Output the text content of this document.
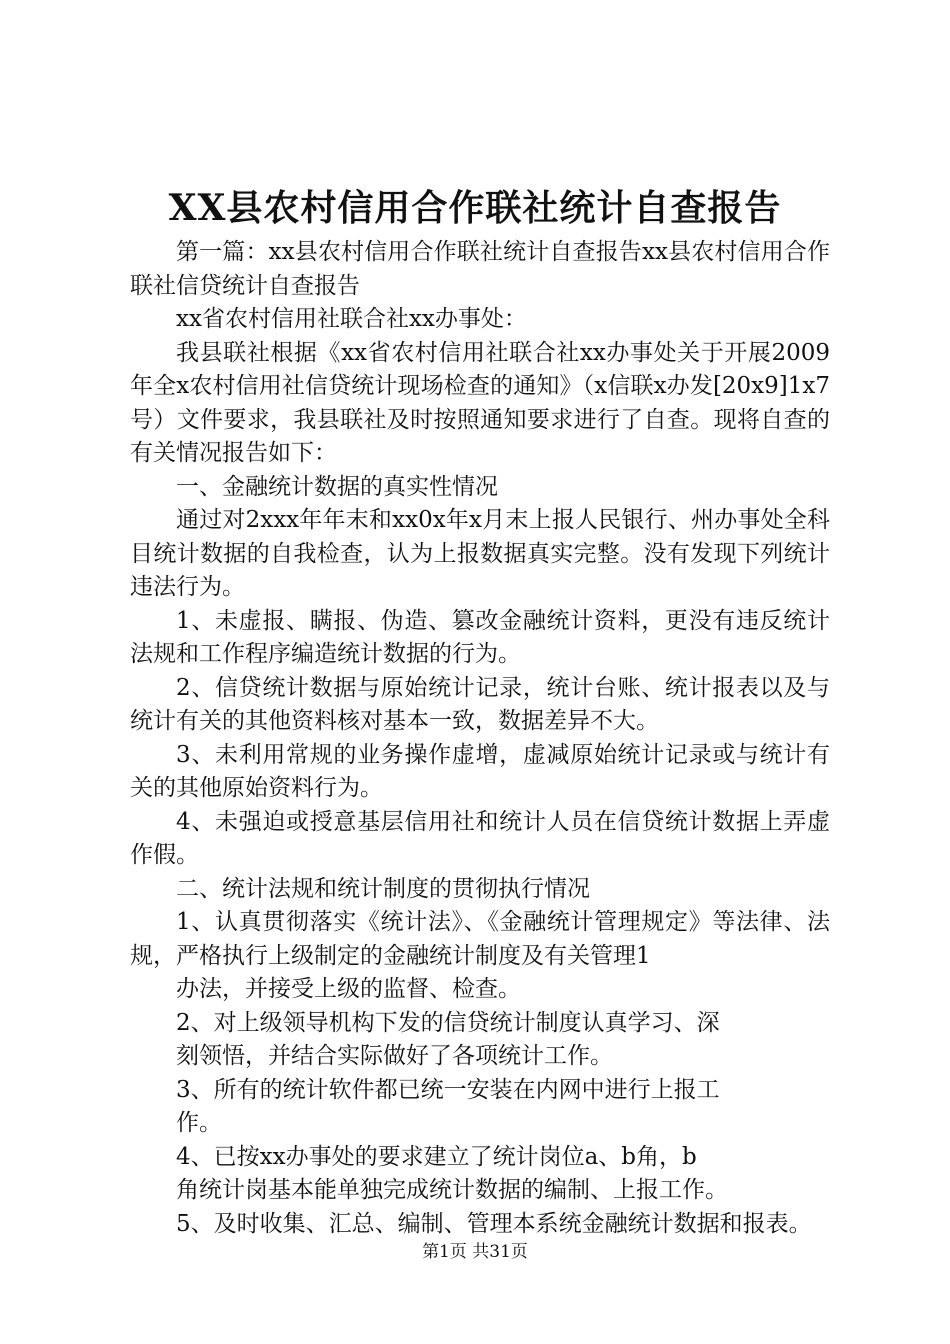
XX县农村信用合作联社统计自查报告

第一篇：xx县农村信用合作联社统计自查报告xx县农村信用合作联社信贷统计自查报告

xx省农村信用社联合社xx办事处：

我县联社根据《xx省农村信用社联合社xx办事处关于开展2009年全x农村信用社信贷统计现场检查的通知》（x信联x办发[20x9]1x7号）文件要求，我县联社及时按照通知要求进行了自查。现将自查的有关情况报告如下：

一、金融统计数据的真实性情况

通过对2xxx年年末和xx0x年x月末上报人民银行、州办事处全科目统计数据的自我检查，认为上报数据真实完整。没有发现下列统计违法行为。

1、未虚报、瞒报、伪造、篡改金融统计资料，更没有违反统计法规和工作程序编造统计数据的行为。

2、信贷统计数据与原始统计记录，统计台账、统计报表以及与统计有关的其他资料核对基本一致，数据差异不大。

3、未利用常规的业务操作虚增，虚减原始统计记录或与统计有关的其他原始资料行为。

4、未强迫或授意基层信用社和统计人员在信贷统计数据上弄虚作假。

二、统计法规和统计制度的贯彻执行情况

1、认真贯彻落实《统计法》、《金融统计管理规定》等法律、法规，严格执行上级制定的金融统计制度及有关管理1

办法，并接受上级的监督、检查。

2、对上级领导机构下发的信贷统计制度认真学习、深

刻领悟，并结合实际做好了各项统计工作。

3、所有的统计软件都已统一安装在内网中进行上报工

作。

4、已按xx办事处的要求建立了统计岗位a、b角，b

角统计岗基本能单独完成统计数据的编制、上报工作。

5、及时收集、汇总、编制、管理本系统金融统计数据和报表。

第1页 共31页
